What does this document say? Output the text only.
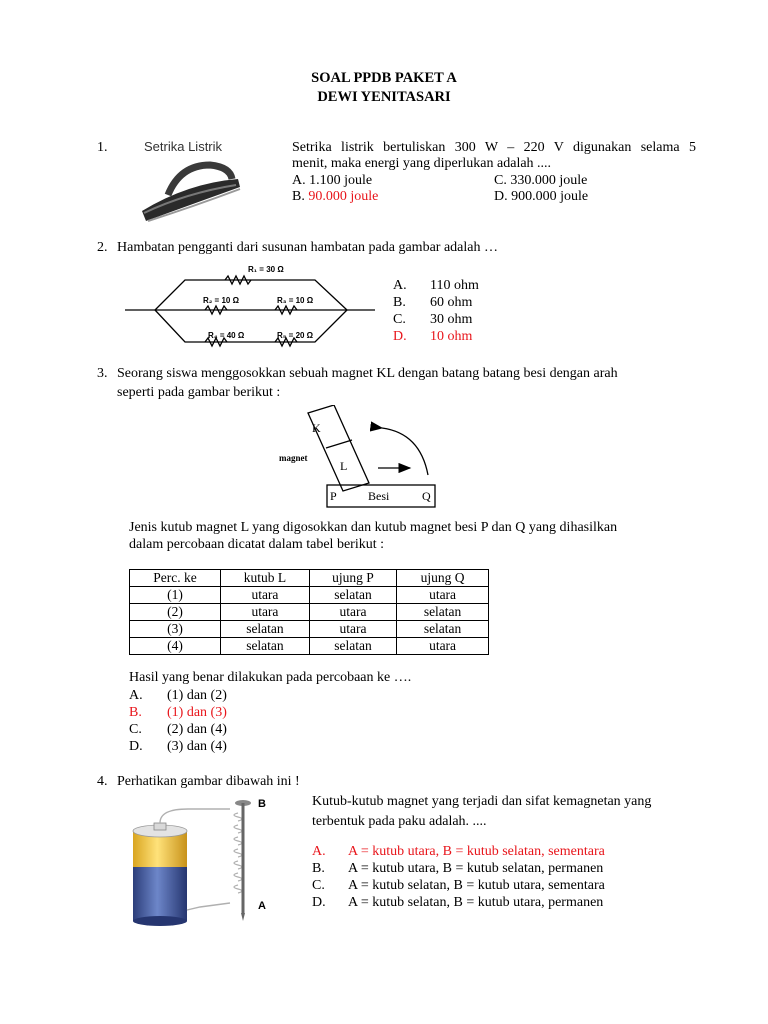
SOAL PPDB PAKET A
DEWI YENITASARI
1.	Setrika Listrik	Setrika listrik bertuliskan 300 W – 220 V digunakan selama 5
menit, maka energi yang diperlukan adalah ....
A. 1.100 joule
B. 90.000 joule
C. 330.000 joule
D. 900.000 joule
2. Hambatan pengganti dari susunan hambatan pada gambar adalah …
R₁ = 30 Ω
R₂ = 10 Ω	R₃ = 10 Ω
R₄ = 40 Ω	R₅ = 20 Ω
A. 110 ohm
B. 60 ohm
C. 30 ohm
D. 10 ohm
3. Seorang siswa menggosokkan sebuah magnet KL dengan batang batang besi dengan arah
seperti pada gambar berikut :
K
L
magnet
P	Besi	Q
Jenis kutub magnet L yang digosokkan dan kutub magnet besi P dan Q yang dihasilkan
dalam percobaan dicatat dalam tabel berikut :
Perc. ke	kutub L	ujung P	ujung Q
(1)	utara	selatan	utara
(2)	utara	utara	selatan
(3)	selatan	utara	selatan
(4)	selatan	selatan	utara
Hasil yang benar dilakukan pada percobaan ke ….
A. (1) dan (2)
B. (1) dan (3)
C. (2) dan (4)
D. (3) dan (4)
4. Perhatikan gambar dibawah ini !
B
A
Kutub-kutub magnet yang terjadi dan sifat kemagnetan yang
terbentuk pada paku adalah. ....
A. A = kutub utara, B = kutub selatan, sementara
B. A = kutub utara, B = kutub selatan, permanen
C. A = kutub selatan, B = kutub utara, sementara
D. A = kutub selatan, B = kutub utara, permanen
